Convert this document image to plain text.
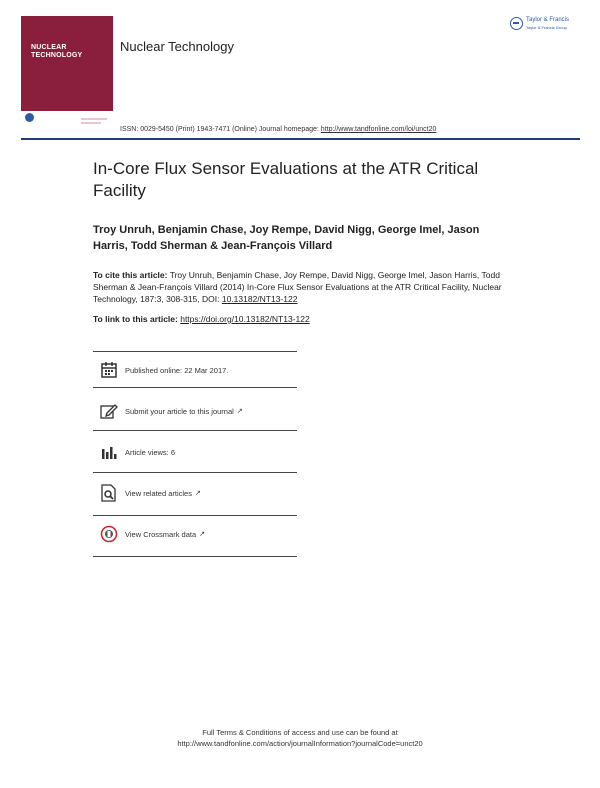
NUCLEAR TECHNOLOGY
Nuclear Technology
Taylor & Francis
Taylor & Francis Group
ISSN: 0029-5450 (Print) 1943-7471 (Online) Journal homepage: http://www.tandfonline.com/loi/unct20
In-Core Flux Sensor Evaluations at the ATR Critical Facility
Troy Unruh, Benjamin Chase, Joy Rempe, David Nigg, George Imel, Jason Harris, Todd Sherman & Jean-François Villard
To cite this article: Troy Unruh, Benjamin Chase, Joy Rempe, David Nigg, George Imel, Jason Harris, Todd Sherman & Jean-François Villard (2014) In-Core Flux Sensor Evaluations at the ATR Critical Facility, Nuclear Technology, 187:3, 308-315, DOI: 10.13182/NT13-122
To link to this article: https://doi.org/10.13182/NT13-122
Published online: 22 Mar 2017.
Submit your article to this journal ↗
Article views: 6
View related articles ↗
View Crossmark data ↗
Full Terms & Conditions of access and use can be found at
http://www.tandfonline.com/action/journalInformation?journalCode=unct20
